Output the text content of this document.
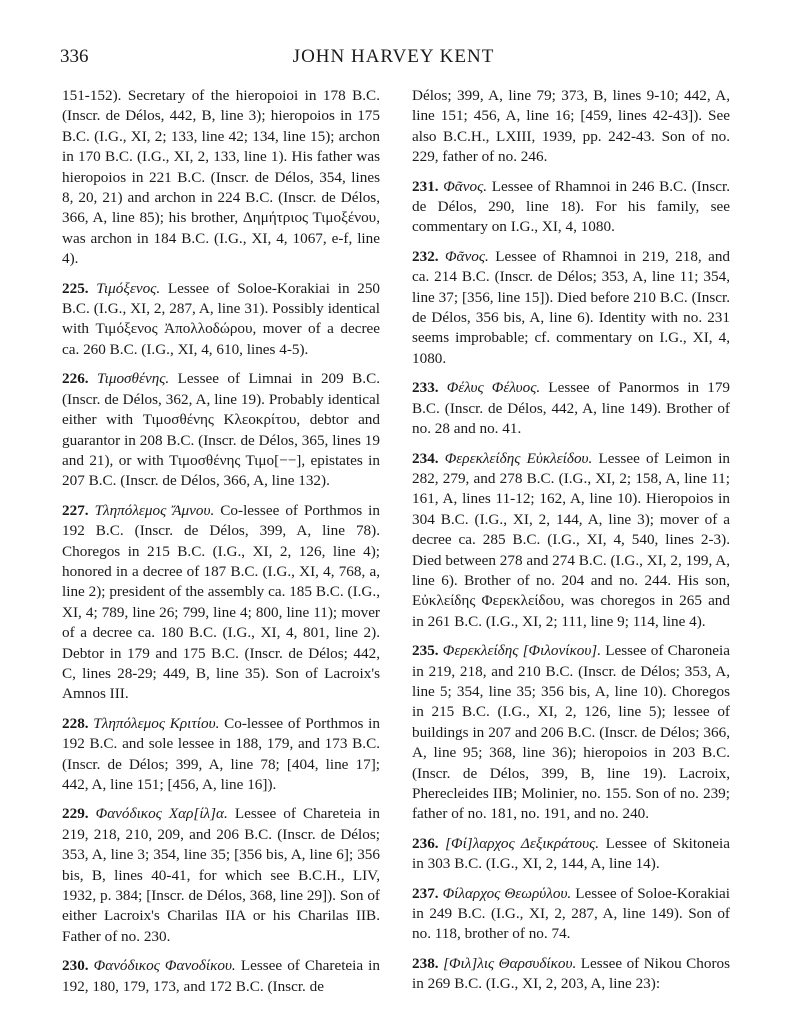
336	JOHN HARVEY KENT

151-152). Secretary of the hieropoioi in 178 B.C. (Inscr. de Délos, 442, B, line 3); hieropoios in 175 B.C. (I.G., XI, 2; 133, line 42; 134, line 15); archon in 170 B.C. (I.G., XI, 2, 133, line 1). His father was hieropoios in 221 B.C. (Inscr. de Délos, 354, lines 8, 20, 21) and archon in 224 B.C. (Inscr. de Délos, 366, A, line 85); his brother, Δημήτριος Τιμοξένου, was archon in 184 B.C. (I.G., XI, 4, 1067, e-f, line 4).

225. Τιμόξενος. Lessee of Soloe-Korakiai in 250 B.C. (I.G., XI, 2, 287, A, line 31). Possibly identical with Τιμόξενος Ἀπολλοδώρου, mover of a decree ca. 260 B.C. (I.G., XI, 4, 610, lines 4-5).

226. Τιμοσθένης. Lessee of Limnai in 209 B.C. (Inscr. de Délos, 362, A, line 19). Probably identical either with Τιμοσθένης Κλεοκρίτου, debtor and guarantor in 208 B.C. (Inscr. de Délos, 365, lines 19 and 21), or with Τιμοσθένης Τιμο[−−], epistates in 207 B.C. (Inscr. de Délos, 366, A, line 132).

227. Τληπόλεμος Ἄμνου. Co-lessee of Porthmos in 192 B.C. (Inscr. de Délos, 399, A, line 78). Choregos in 215 B.C. (I.G., XI, 2, 126, line 4); honored in a decree of 187 B.C. (I.G., XI, 4, 768, a, line 2); president of the assembly ca. 185 B.C. (I.G., XI, 4; 789, line 26; 799, line 4; 800, line 11); mover of a decree ca. 180 B.C. (I.G., XI, 4, 801, line 2). Debtor in 179 and 175 B.C. (Inscr. de Délos; 442, C, lines 28-29; 449, B, line 35). Son of Lacroix's Amnos III.

228. Τληπόλεμος Κριτίου. Co-lessee of Porthmos in 192 B.C. and sole lessee in 188, 179, and 173 B.C. (Inscr. de Délos; 399, A, line 78; [404, line 17]; 442, A, line 151; [456, A, line 16]).

229. Φανόδικος Χαρ[ίλ]α. Lessee of Chareteia in 219, 218, 210, 209, and 206 B.C. (Inscr. de Délos; 353, A, line 3; 354, line 35; [356 bis, A, line 6]; 356 bis, B, lines 40-41, for which see B.C.H., LIV, 1932, p. 384; [Inscr. de Délos, 368, line 29]). Son of either Lacroix's Charilas IIA or his Charilas IIB. Father of no. 230.

230. Φανόδικος Φανοδίκου. Lessee of Chareteia in 192, 180, 179, 173, and 172 B.C. (Inscr. de

Délos; 399, A, line 79; 373, B, lines 9-10; 442, A, line 151; 456, A, line 16; [459, lines 42-43]). See also B.C.H., LXIII, 1939, pp. 242-43. Son of no. 229, father of no. 246.

231. Φᾶνος. Lessee of Rhamnoi in 246 B.C. (Inscr. de Délos, 290, line 18). For his family, see commentary on I.G., XI, 4, 1080.

232. Φᾶνος. Lessee of Rhamnoi in 219, 218, and ca. 214 B.C. (Inscr. de Délos; 353, A, line 11; 354, line 37; [356, line 15]). Died before 210 B.C. (Inscr. de Délos, 356 bis, A, line 6). Identity with no. 231 seems improbable; cf. commentary on I.G., XI, 4, 1080.

233. Φέλυς Φέλυος. Lessee of Panormos in 179 B.C. (Inscr. de Délos, 442, A, line 149). Brother of no. 28 and no. 41.

234. Φερεκλείδης Εὐκλείδου. Lessee of Leimon in 282, 279, and 278 B.C. (I.G., XI, 2; 158, A, line 11; 161, A, lines 11-12; 162, A, line 10). Hieropoios in 304 B.C. (I.G., XI, 2, 144, A, line 3); mover of a decree ca. 285 B.C. (I.G., XI, 4, 540, lines 2-3). Died between 278 and 274 B.C. (I.G., XI, 2, 199, A, line 6). Brother of no. 204 and no. 244. His son, Εὐκλείδης Φερεκλείδου, was choregos in 265 and in 261 B.C. (I.G., XI, 2; 111, line 9; 114, line 4).

235. Φερεκλείδης [Φιλονίκου]. Lessee of Charoneia in 219, 218, and 210 B.C. (Inscr. de Délos; 353, A, line 5; 354, line 35; 356 bis, A, line 10). Choregos in 215 B.C. (I.G., XI, 2, 126, line 5); lessee of buildings in 207 and 206 B.C. (Inscr. de Délos; 366, A, line 95; 368, line 36); hieropoios in 203 B.C. (Inscr. de Délos, 399, B, line 19). Lacroix, Pherecleides IIB; Molinier, no. 155. Son of no. 239; father of no. 181, no. 191, and no. 240.

236. [Φί]λαρχος Δεξικράτους. Lessee of Skitoneia in 303 B.C. (I.G., XI, 2, 144, A, line 14).

237. Φίλαρχος Θεωρύλου. Lessee of Soloe-Korakiai in 249 B.C. (I.G., XI, 2, 287, A, line 149). Son of no. 118, brother of no. 74.

238. [Φιλ]λις Θαρσυδίκου. Lessee of Nikou Choros in 269 B.C. (I.G., XI, 2, 203, A, line 23):
